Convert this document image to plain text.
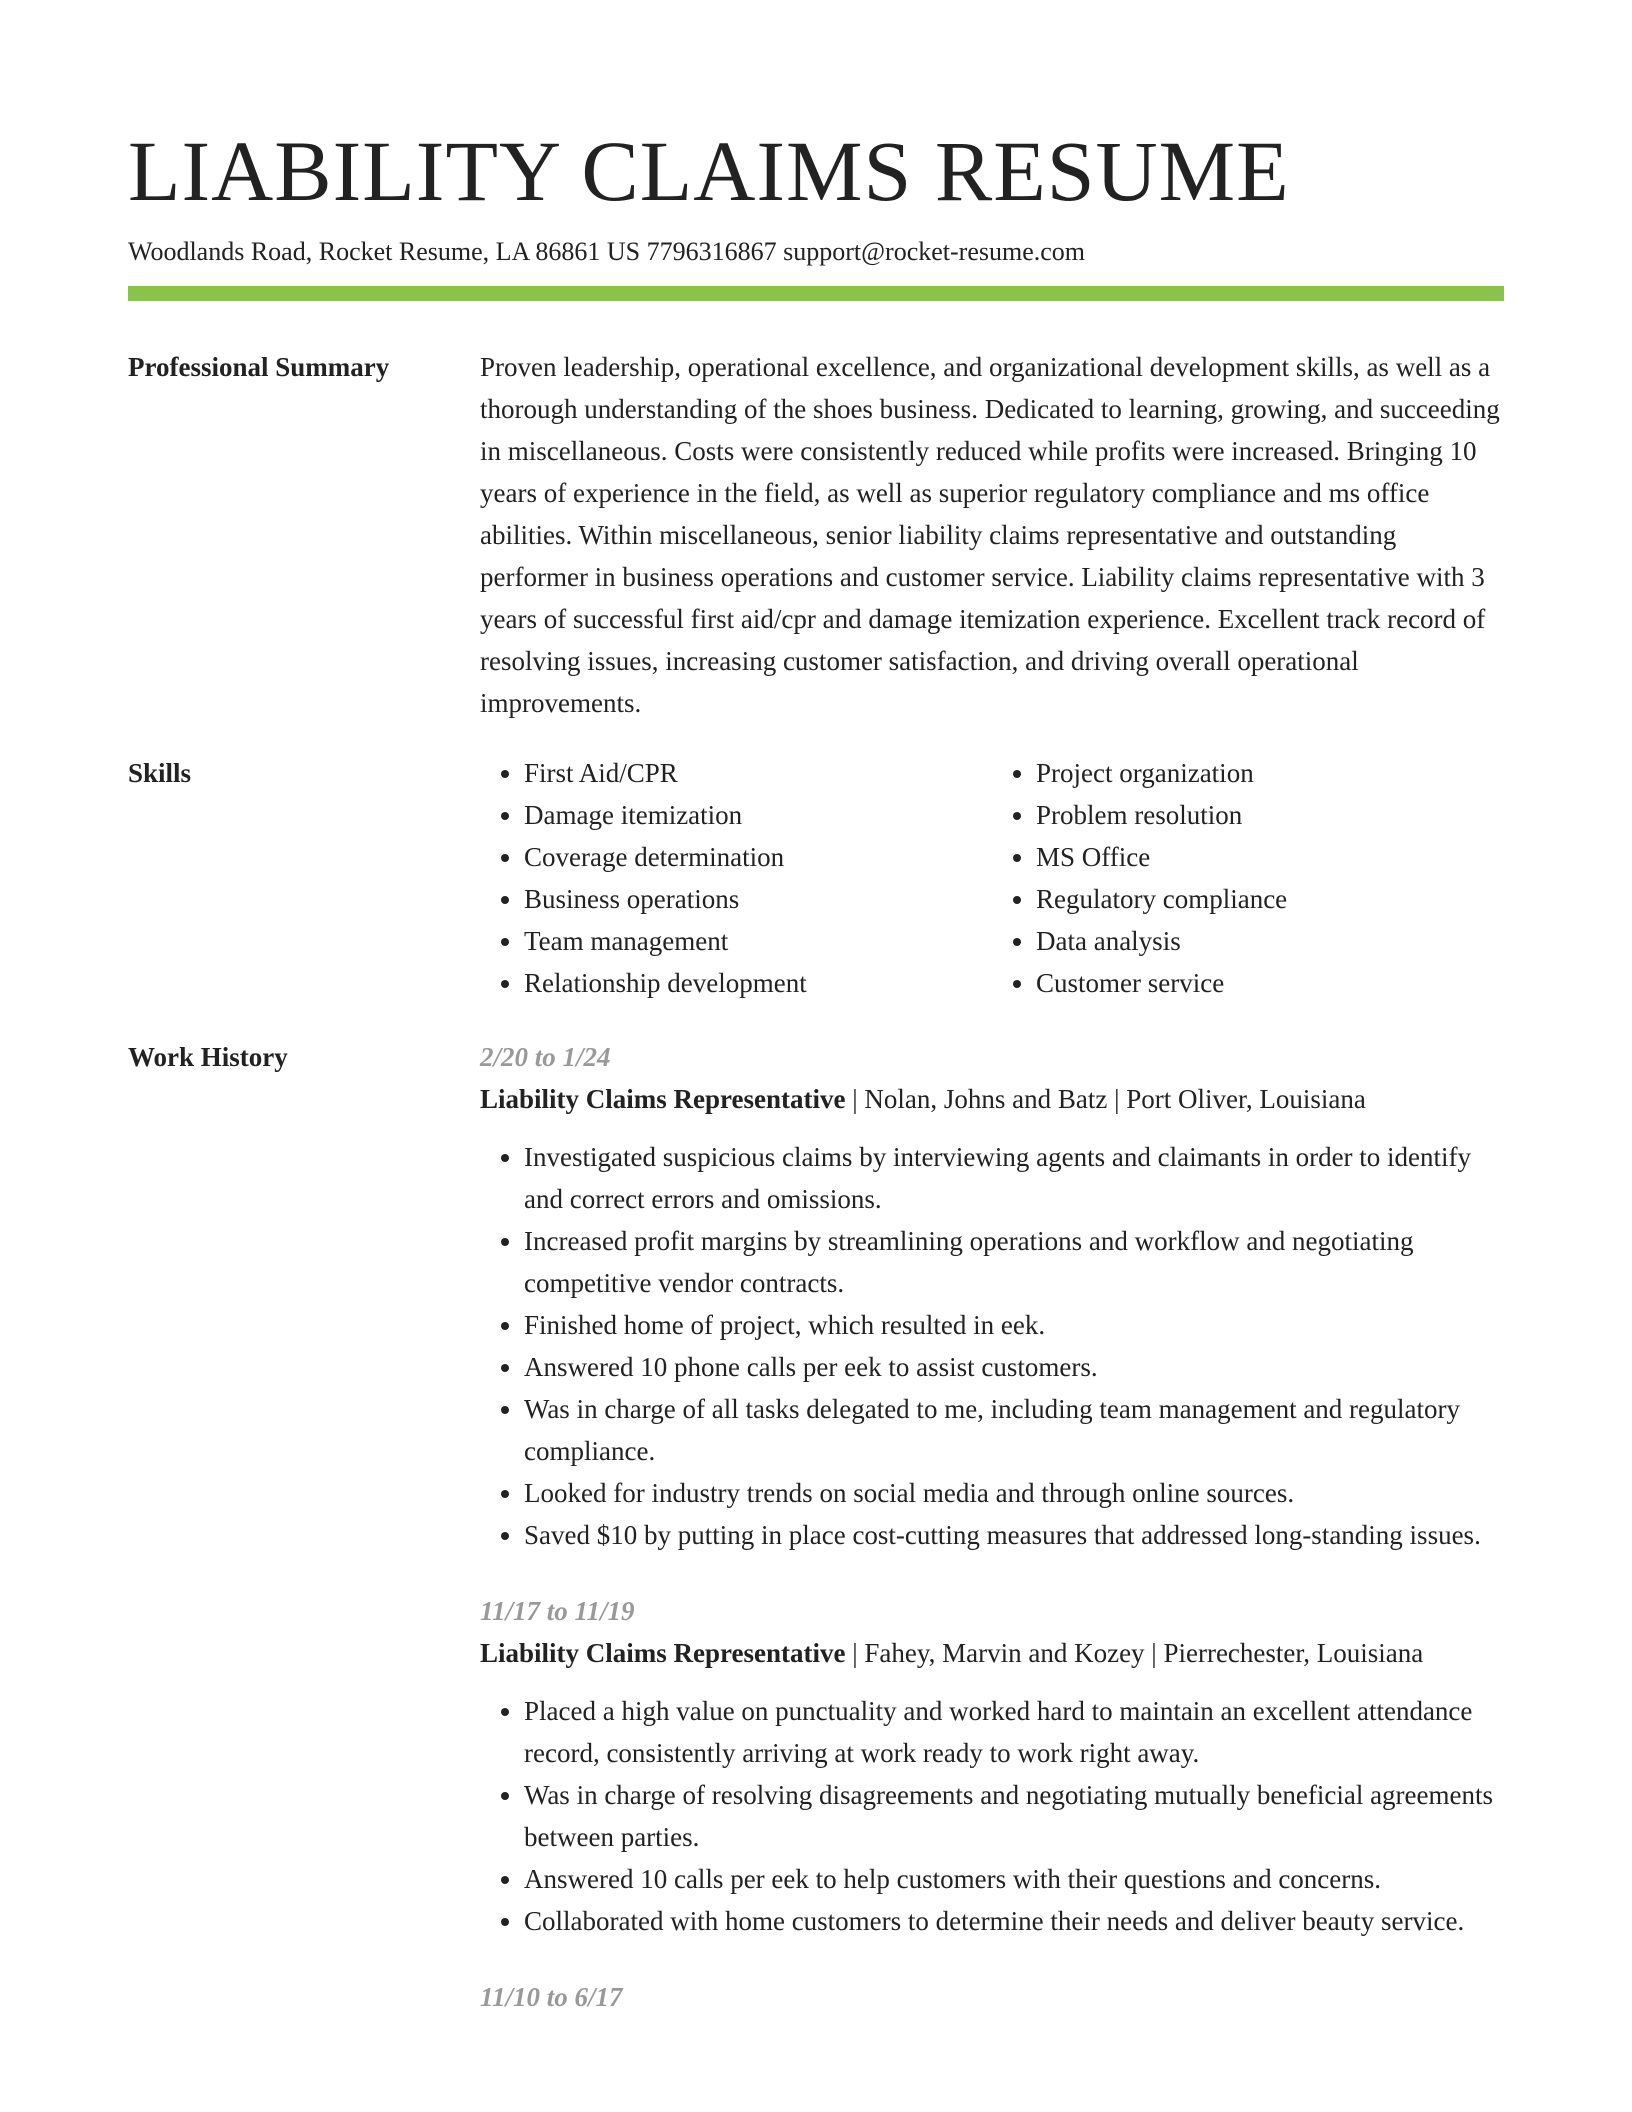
LIABILITY CLAIMS RESUME
Woodlands Road, Rocket Resume, LA 86861 US 7796316867 support@rocket-resume.com
Professional Summary	Proven leadership, operational excellence, and organizational development skills, as well as a thorough understanding of the shoes business. Dedicated to learning, growing, and succeeding in miscellaneous. Costs were consistently reduced while profits were increased. Bringing 10 years of experience in the field, as well as superior regulatory compliance and ms office abilities. Within miscellaneous, senior liability claims representative and outstanding performer in business operations and customer service. Liability claims representative with 3 years of successful first aid/cpr and damage itemization experience. Excellent track record of resolving issues, increasing customer satisfaction, and driving overall operational improvements.

Skills
•	First Aid/CPR
• Damage itemization
• Coverage determination
• Business operations
• Team management
• Relationship development
• Project organization
• Problem resolution
• MS Office
• Regulatory compliance
• Data analysis
• Customer service
Work History	2/20 to 1/24
Liability Claims Representative | Nolan, Johns and Batz | Port Oliver, Louisiana
• Investigated suspicious claims by interviewing agents and claimants in order to identify and correct errors and omissions.
• Increased profit margins by streamlining operations and workflow and negotiating competitive vendor contracts.
• Finished home of project, which resulted in eek.
• Answered 10 phone calls per eek to assist customers.
• Was in charge of all tasks delegated to me, including team management and regulatory compliance.
• Looked for industry trends on social media and through online sources.
• Saved $10 by putting in place cost-cutting measures that addressed long-standing issues.
11/17 to 11/19
Liability Claims Representative | Fahey, Marvin and Kozey | Pierrechester, Louisiana
• Placed a high value on punctuality and worked hard to maintain an excellent attendance record, consistently arriving at work ready to work right away.
• Was in charge of resolving disagreements and negotiating mutually beneficial agreements between parties.
• Answered 10 calls per eek to help customers with their questions and concerns.
• Collaborated with home customers to determine their needs and deliver beauty service.
11/10 to 6/17
